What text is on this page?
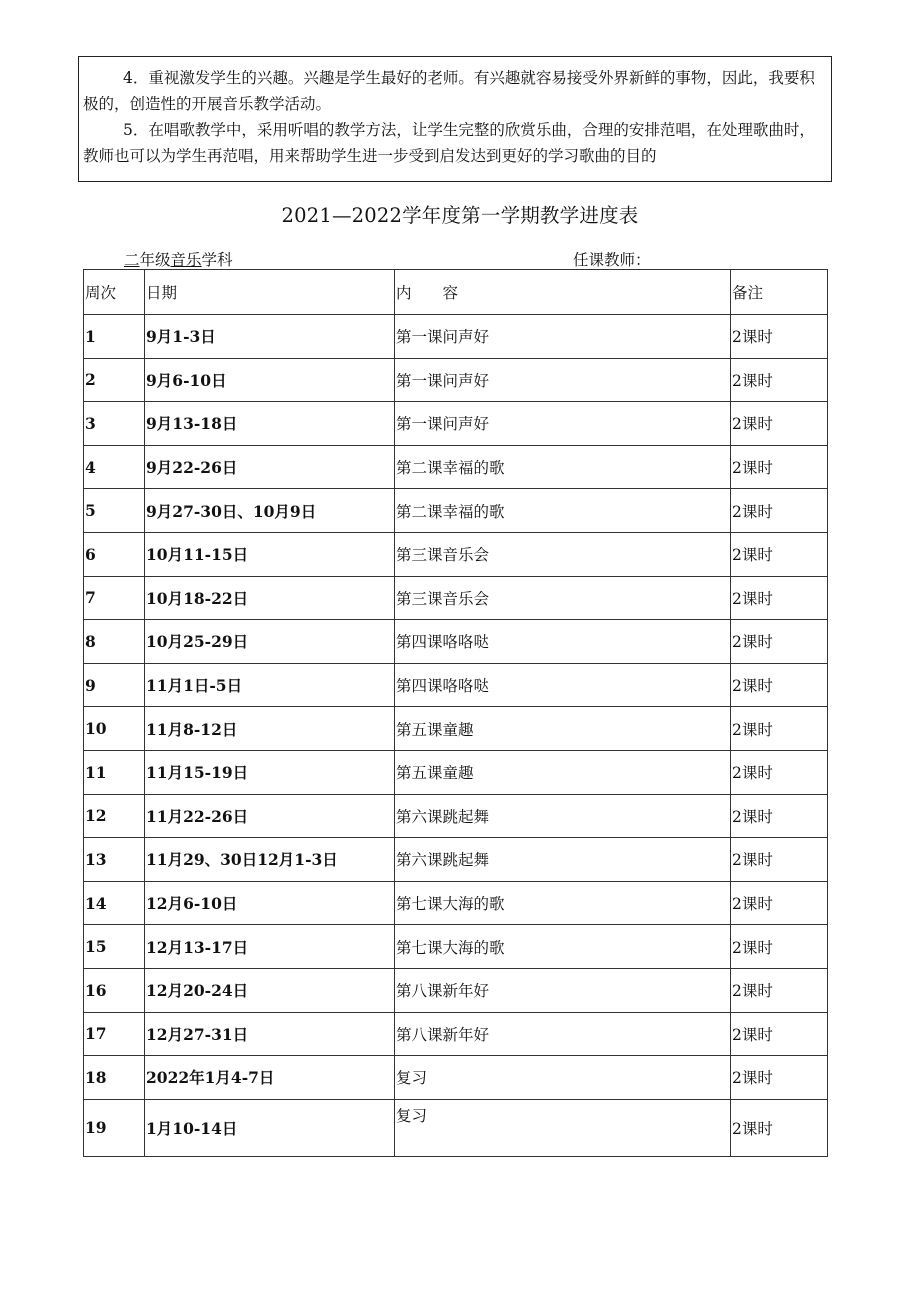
4．重视激发学生的兴趣。兴趣是学生最好的老师。有兴趣就容易接受外界新鲜的事物，因此，我要积极的，创造性的开展音乐教学活动。

5．在唱歌教学中，采用听唱的教学方法，让学生完整的欣赏乐曲，合理的安排范唱，在处理歌曲时，教师也可以为学生再范唱，用来帮助学生进一步受到启发达到更好的学习歌曲的目的

2021—2022学年度第一学期教学进度表
二年级音乐学科	任课教师：
周次	日期	内　　容	备注
1	9月1-3日	第一课问声好	2课时
2	9月6-10日	第一课问声好	2课时
3	9月13-18日	第一课问声好	2课时
4	9月22-26日	第二课幸福的歌	2课时
5	9月27-30日、10月9日	第二课幸福的歌	2课时
6	10月11-15日	第三课音乐会	2课时
7	10月18-22日	第三课音乐会	2课时
8	10月25-29日	第四课咯咯哒	2课时
9	11月1日-5日	第四课咯咯哒	2课时
10	11月8-12日	第五课童趣	2课时
11	11月15-19日	第五课童趣	2课时
12	11月22-26日	第六课跳起舞	2课时
13	11月29、30日12月1-3日	第六课跳起舞	2课时
14	12月6-10日	第七课大海的歌	2课时
15	12月13-17日	第七课大海的歌	2课时
16	12月20-24日	第八课新年好	2课时
17	12月27-31日	第八课新年好	2课时
18	2022年1月4-7日	复习	2课时
19	1月10-14日	复习	2课时
